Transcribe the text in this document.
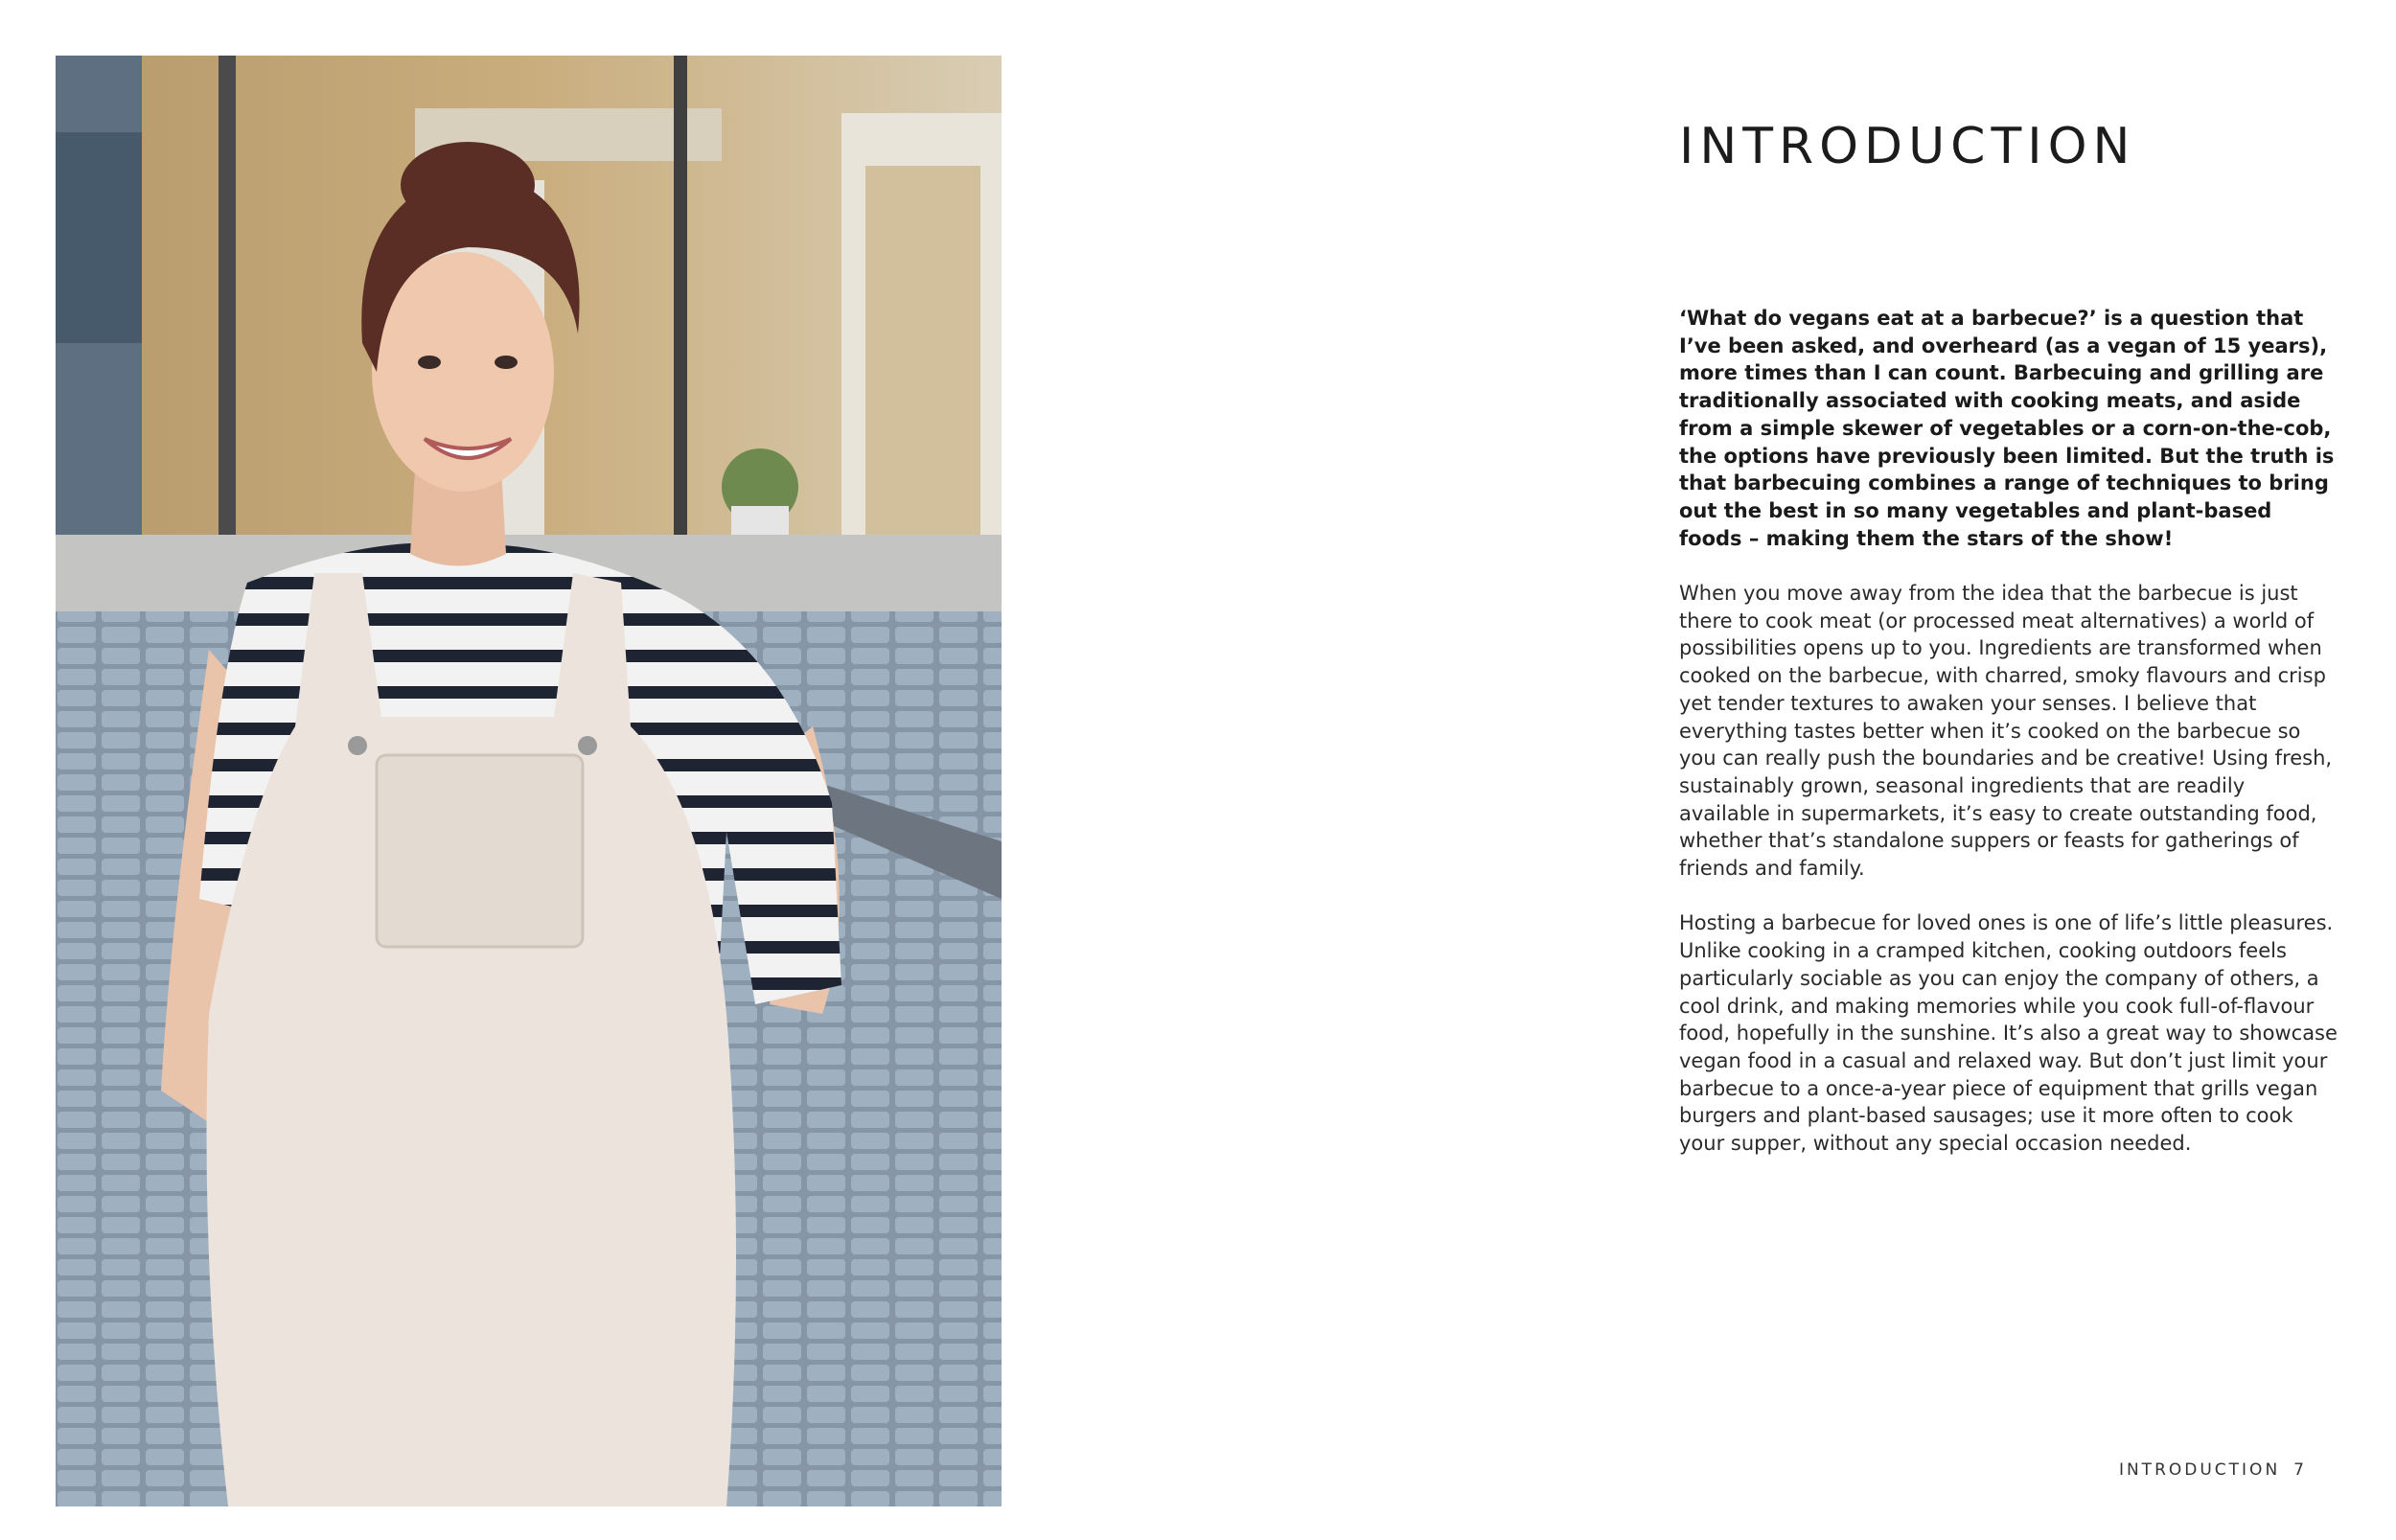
INTRODUCTION

‘What do vegans eat at a barbecue?’ is a question that I’ve been asked, and overheard (as a vegan of 15 years), more times than I can count. Barbecuing and grilling are traditionally associated with cooking meats, and aside from a simple skewer of vegetables or a corn-on-the-cob, the options have previously been limited. But the truth is that barbecuing combines a range of techniques to bring out the best in so many vegetables and plant-based foods – making them the stars of the show!

When you move away from the idea that the barbecue is just there to cook meat (or processed meat alternatives) a world of possibilities opens up to you. Ingredients are transformed when cooked on the barbecue, with charred, smoky flavours and crisp yet tender textures to awaken your senses. I believe that everything tastes better when it’s cooked on the barbecue so you can really push the boundaries and be creative! Using fresh, sustainably grown, seasonal ingredients that are readily available in supermarkets, it’s easy to create outstanding food, whether that’s standalone suppers or feasts for gatherings of friends and family.

Hosting a barbecue for loved ones is one of life’s little pleasures. Unlike cooking in a cramped kitchen, cooking outdoors feels particularly sociable as you can enjoy the company of others, a cool drink, and making memories while you cook full-of-flavour food, hopefully in the sunshine. It’s also a great way to showcase vegan food in a casual and relaxed way. But don’t just limit your barbecue to a once-a-year piece of equipment that grills vegan burgers and plant-based sausages; use it more often to cook your supper, without any special occasion needed.

INTRODUCTION 7
